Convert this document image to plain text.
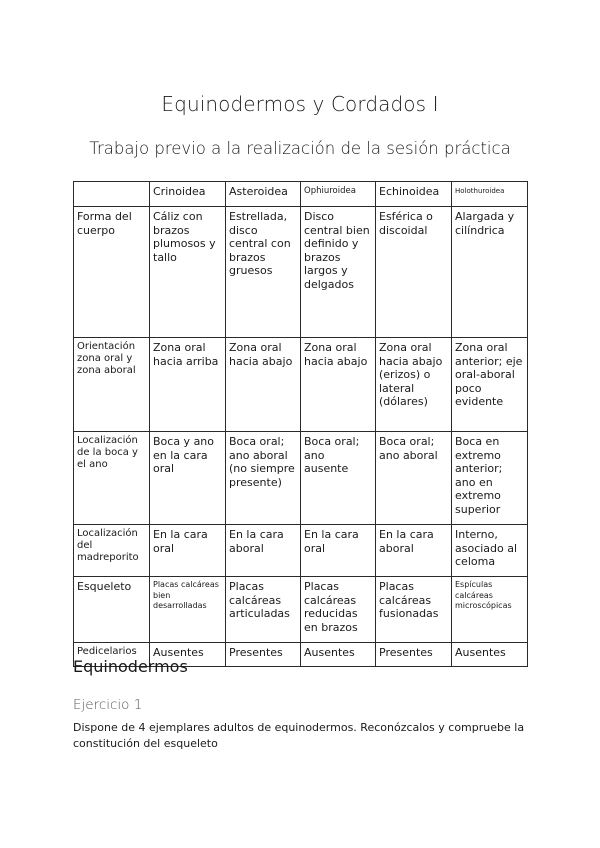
Equinodermos y Cordados I
Trabajo previo a la realización de la sesión práctica
	Crinoidea	Asteroidea	Ophiuroidea	Echinoidea	Holothuroidea
Forma del cuerpo	Cáliz con brazos plumosos y tallo	Estrellada, disco central con brazos gruesos	Disco central bien definido y brazos largos y delgados	Esférica o discoidal	Alargada y cilíndrica
Orientación zona oral y zona aboral	Zona oral hacia arriba	Zona oral hacia abajo	Zona oral hacia abajo	Zona oral hacia abajo (erizos) o lateral (dólares)	Zona oral anterior; eje oral-aboral poco evidente
Localización de la boca y el ano	Boca y ano en la cara oral	Boca oral; ano aboral (no siempre presente)	Boca oral; ano ausente	Boca oral; ano aboral	Boca en extremo anterior; ano en extremo superior
Localización del madreporito	En la cara oral	En la cara aboral	En la cara oral	En la cara aboral	Interno, asociado al celoma
Esqueleto	Placas calcáreas bien desarrolladas	Placas calcáreas articuladas	Placas calcáreas reducidas en brazos	Placas calcáreas fusionadas	Espículas calcáreas microscópicas
Pedicelarios	Ausentes	Presentes	Ausentes	Presentes	Ausentes
Equinodermos
Ejercicio 1
Dispone de 4 ejemplares adultos de equinodermos. Reconózcalos y compruebe la constitución del esqueleto
